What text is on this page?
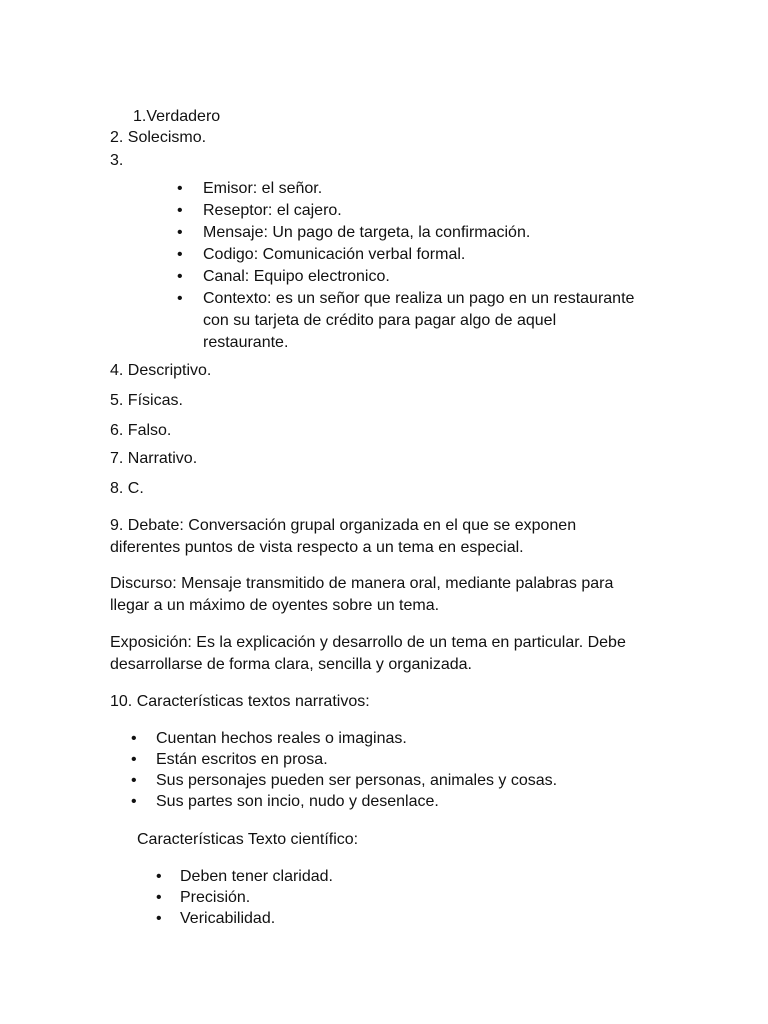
1.Verdadero
2. Solecismo.
3.
• Emisor: el señor.
• Reseptor: el cajero.
• Mensaje: Un pago de targeta, la confirmación.
• Codigo: Comunicación verbal formal.
• Canal: Equipo electronico.
• Contexto: es un señor que realiza un pago en un restaurante
con su tarjeta de crédito para pagar algo de aquel
restaurante.
4. Descriptivo.
5. Físicas.
6. Falso.
7. Narrativo.
8. C.
9. Debate: Conversación grupal organizada en el que se exponen
diferentes puntos de vista respecto a un tema en especial.
Discurso: Mensaje transmitido de manera oral, mediante palabras para
llegar a un máximo de oyentes sobre un tema.
Exposición: Es la explicación y desarrollo de un tema en particular. Debe
desarrollarse de forma clara, sencilla y organizada.
10. Características textos narrativos:
• Cuentan hechos reales o imaginas.
• Están escritos en prosa.
• Sus personajes pueden ser personas, animales y cosas.
• Sus partes son incio, nudo y desenlace.
Características Texto científico:
• Deben tener claridad.
• Precisión.
• Vericabilidad.
